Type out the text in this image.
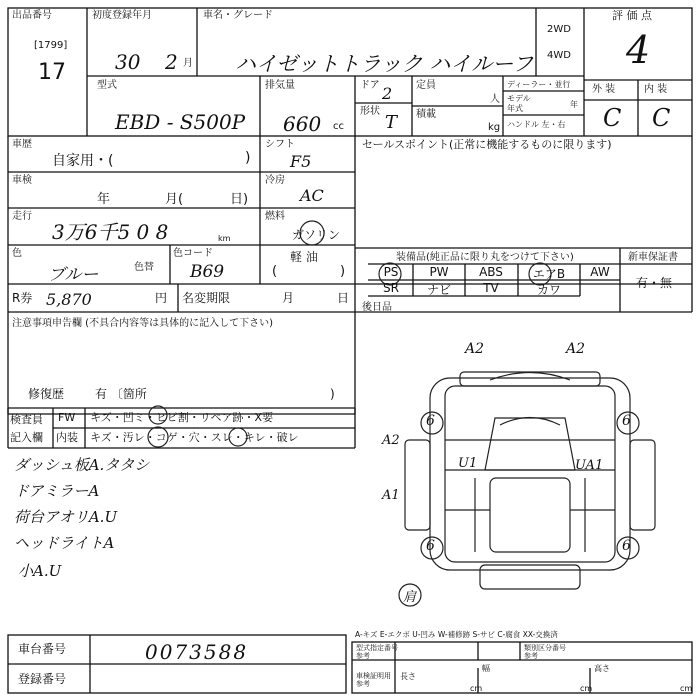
出品番号
[1799]
17
初度登録年月
30 2 月
車名・グレード
ハイゼットトラック ハイルーフ
2WD
4WD
評 価 点
4
型式
EBD - S500P
排気量
660 cc
ドア 2
形状
T
定員
人
積載
kg
ディーラー・並行
モデル
年式	年
ハンドル 左・右
外 装	内 装
C C
車歴
自家用・(	)
シフト
F5
セールスポイント(正常に機能するものに限ります)
車検
年	月(	日)
冷房
AC
走行
3万6千5 0 8	km
燃料
ガソリン
軽 油
(	)
色
ブルー	色替
色コード
B69
装備品(純正品に限り丸をつけて下さい)	新車保証書
有・無
PS	PW	ABS	エアB	AW
SR	ナビ	TV	カワ
R券 5,870	円 名変期限	月	日
後日品
注意事項申告欄 (不具合内容等は具体的に記入して下さい)
修復歴	有 〔箇所	)
検査員
記入欄
FW キズ・凹ミ・ヒビ割・リペア跡・X要
内装 キズ・汚レ・コゲ・穴・スレ・キレ・破レ
ダッシュ板A.タタシ
ドアミラーA
荷台アオリA.U
ヘッドライトA
小A.U
A2	A2
6	6
6	6
A2
U1	UA1
A1
肩
A-キズ E-エクボ U-凹み W-補修跡 S-サビ C-腐食 XX-交換済
車台番号	0073588
登録番号
型式指定番号
参考
類別区分番号
参考
車検証明用
参考
長さ
cm
幅
cm
高さ
cm
